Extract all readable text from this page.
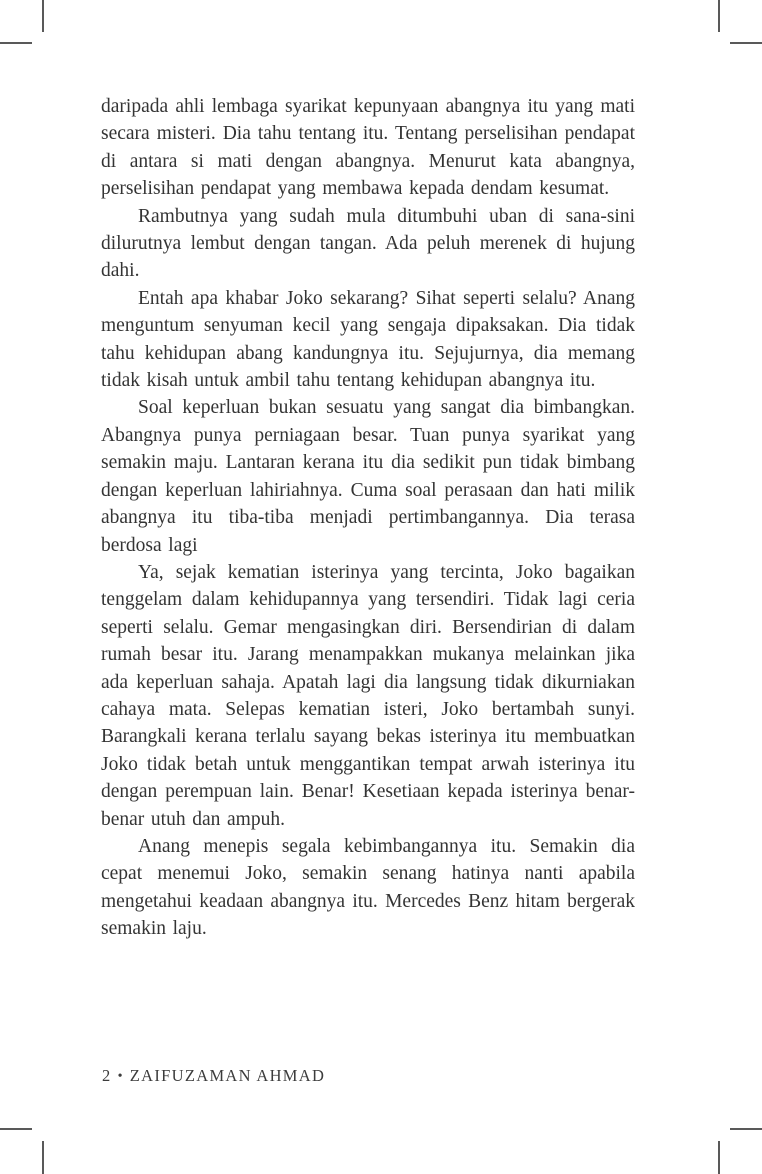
daripada ahli lembaga syarikat kepunyaan abangnya itu yang mati secara misteri. Dia tahu tentang itu. Tentang perselisihan pendapat di antara si mati dengan abangnya. Menurut kata abangnya, perselisihan pendapat yang membawa kepada dendam kesumat.

Rambutnya yang sudah mula ditumbuhi uban di sana-sini dilurutnya lembut dengan tangan. Ada peluh merenek di hujung dahi.

Entah apa khabar Joko sekarang? Sihat seperti selalu? Anang menguntum senyuman kecil yang sengaja dipaksakan. Dia tidak tahu kehidupan abang kandungnya itu. Sejujurnya, dia memang tidak kisah untuk ambil tahu tentang kehidupan abangnya itu.

Soal keperluan bukan sesuatu yang sangat dia bimbangkan. Abangnya punya perniagaan besar. Tuan punya syarikat yang semakin maju. Lantaran kerana itu dia sedikit pun tidak bimbang dengan keperluan lahiriahnya. Cuma soal perasaan dan hati milik abangnya itu tiba-tiba menjadi pertimbangannya. Dia terasa berdosa lagi

Ya, sejak kematian isterinya yang tercinta, Joko bagaikan tenggelam dalam kehidupannya yang tersendiri. Tidak lagi ceria seperti selalu. Gemar mengasingkan diri. Bersendirian di dalam rumah besar itu. Jarang menampakkan mukanya melainkan jika ada keperluan sahaja. Apatah lagi dia langsung tidak dikurniakan cahaya mata. Selepas kematian isteri, Joko bertambah sunyi. Barangkali kerana terlalu sayang bekas isterinya itu membuatkan Joko tidak betah untuk menggantikan tempat arwah isterinya itu dengan perempuan lain. Benar! Kesetiaan kepada isterinya benar-benar utuh dan ampuh.

Anang menepis segala kebimbangannya itu. Semakin dia cepat menemui Joko, semakin senang hatinya nanti apabila mengetahui keadaan abangnya itu. Mercedes Benz hitam bergerak semakin laju.

2 • ZAIFUZAMAN AHMAD
